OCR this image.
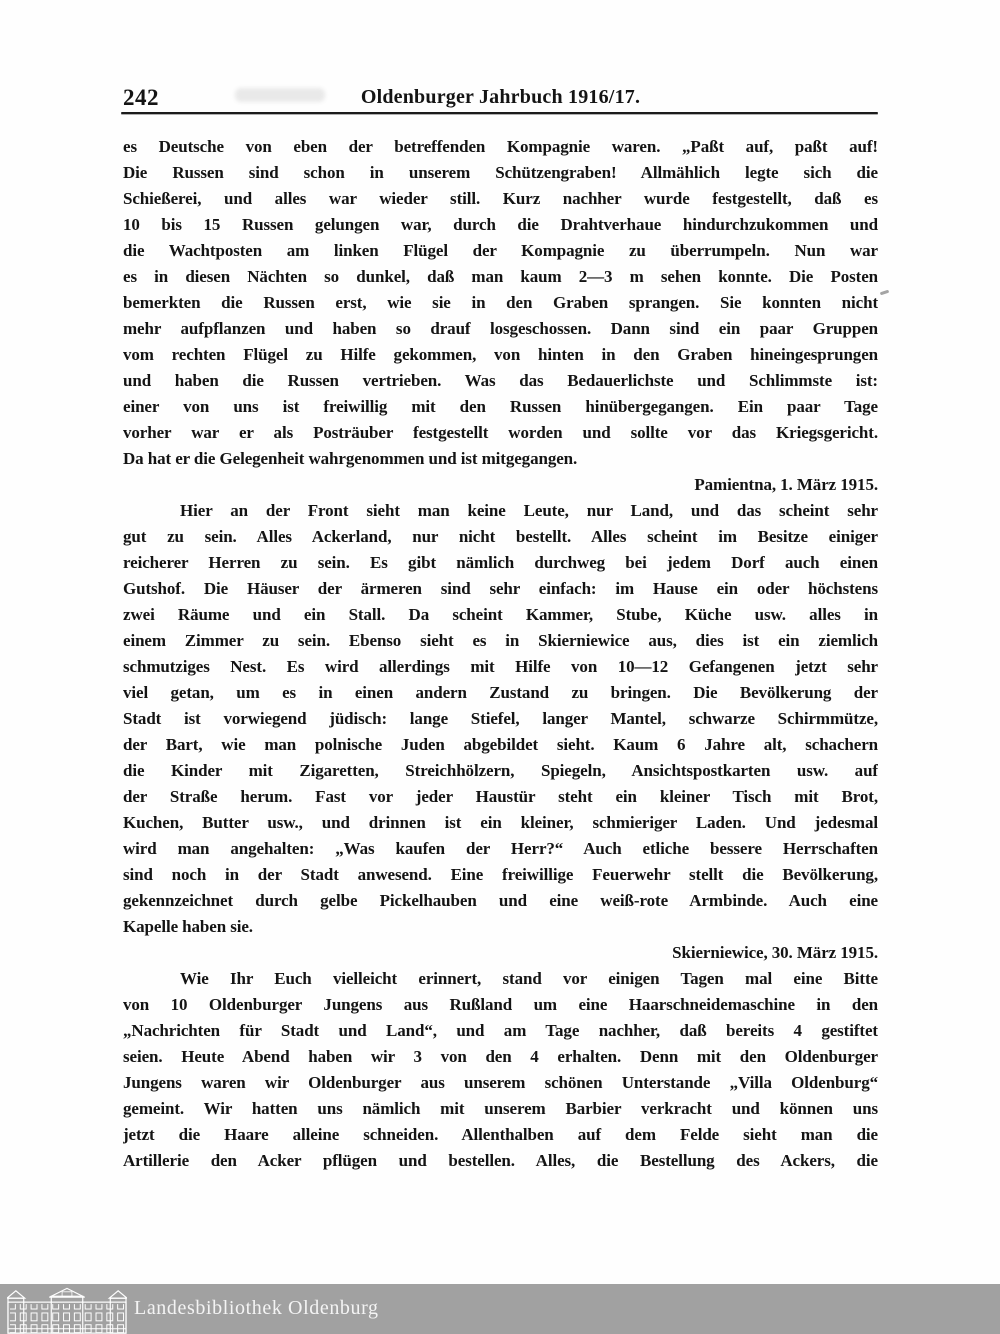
242	Oldenburger Jahrbuch 1916/17.
es Deutsche von eben der betreffenden Kompagnie waren. „Paßt auf, paßt auf!
Die Russen sind schon in unserem Schützengraben! Allmählich legte sich die
Schießerei, und alles war wieder still. Kurz nachher wurde festgestellt, daß es
10 bis 15 Russen gelungen war, durch die Drahtverhaue hindurchzukommen und
die Wachtposten am linken Flügel der Kompagnie zu überrumpeln. Nun war
es in diesen Nächten so dunkel, daß man kaum 2—3 m sehen konnte. Die Posten
bemerkten die Russen erst, wie sie in den Graben sprangen. Sie konnten nicht
mehr aufpflanzen und haben so drauf losgeschossen. Dann sind ein paar Gruppen
vom rechten Flügel zu Hilfe gekommen, von hinten in den Graben hineingesprungen
und haben die Russen vertrieben. Was das Bedauerlichste und Schlimmste ist:
einer von uns ist freiwillig mit den Russen hinübergegangen. Ein paar Tage
vorher war er als Posträuber festgestellt worden und sollte vor das Kriegsgericht.
Da hat er die Gelegenheit wahrgenommen und ist mitgegangen.
Pamientna, 1. März 1915.
Hier an der Front sieht man keine Leute, nur Land, und das scheint sehr
gut zu sein. Alles Ackerland, nur nicht bestellt. Alles scheint im Besitze einiger
reicherer Herren zu sein. Es gibt nämlich durchweg bei jedem Dorf auch einen
Gutshof. Die Häuser der ärmeren sind sehr einfach: im Hause ein oder höchstens
zwei Räume und ein Stall. Da scheint Kammer, Stube, Küche usw. alles in
einem Zimmer zu sein. Ebenso sieht es in Skierniewice aus, dies ist ein ziemlich
schmutziges Nest. Es wird allerdings mit Hilfe von 10—12 Gefangenen jetzt sehr
viel getan, um es in einen andern Zustand zu bringen. Die Bevölkerung der
Stadt ist vorwiegend jüdisch: lange Stiefel, langer Mantel, schwarze Schirmmütze,
der Bart, wie man polnische Juden abgebildet sieht. Kaum 6 Jahre alt, schachern
die Kinder mit Zigaretten, Streichhölzern, Spiegeln, Ansichtspostkarten usw. auf
der Straße herum. Fast vor jeder Haustür steht ein kleiner Tisch mit Brot,
Kuchen, Butter usw., und drinnen ist ein kleiner, schmieriger Laden. Und jedesmal
wird man angehalten: „Was kaufen der Herr?“ Auch etliche bessere Herrschaften
sind noch in der Stadt anwesend. Eine freiwillige Feuerwehr stellt die Bevölkerung,
gekennzeichnet durch gelbe Pickelhauben und eine weiß-rote Armbinde. Auch eine
Kapelle haben sie.
Skierniewice, 30. März 1915.
Wie Ihr Euch vielleicht erinnert, stand vor einigen Tagen mal eine Bitte
von 10 Oldenburger Jungens aus Rußland um eine Haarschneidemaschine in den
„Nachrichten für Stadt und Land“, und am Tage nachher, daß bereits 4 gestiftet
seien. Heute Abend haben wir 3 von den 4 erhalten. Denn mit den Oldenburger
Jungens waren wir Oldenburger aus unserem schönen Unterstande „Villa Oldenburg“
gemeint. Wir hatten uns nämlich mit unserem Barbier verkracht und können uns
jetzt die Haare alleine schneiden. Allenthalben auf dem Felde sieht man die
Artillerie den Acker pflügen und bestellen. Alles, die Bestellung des Ackers, die
Landesbibliothek Oldenburg
